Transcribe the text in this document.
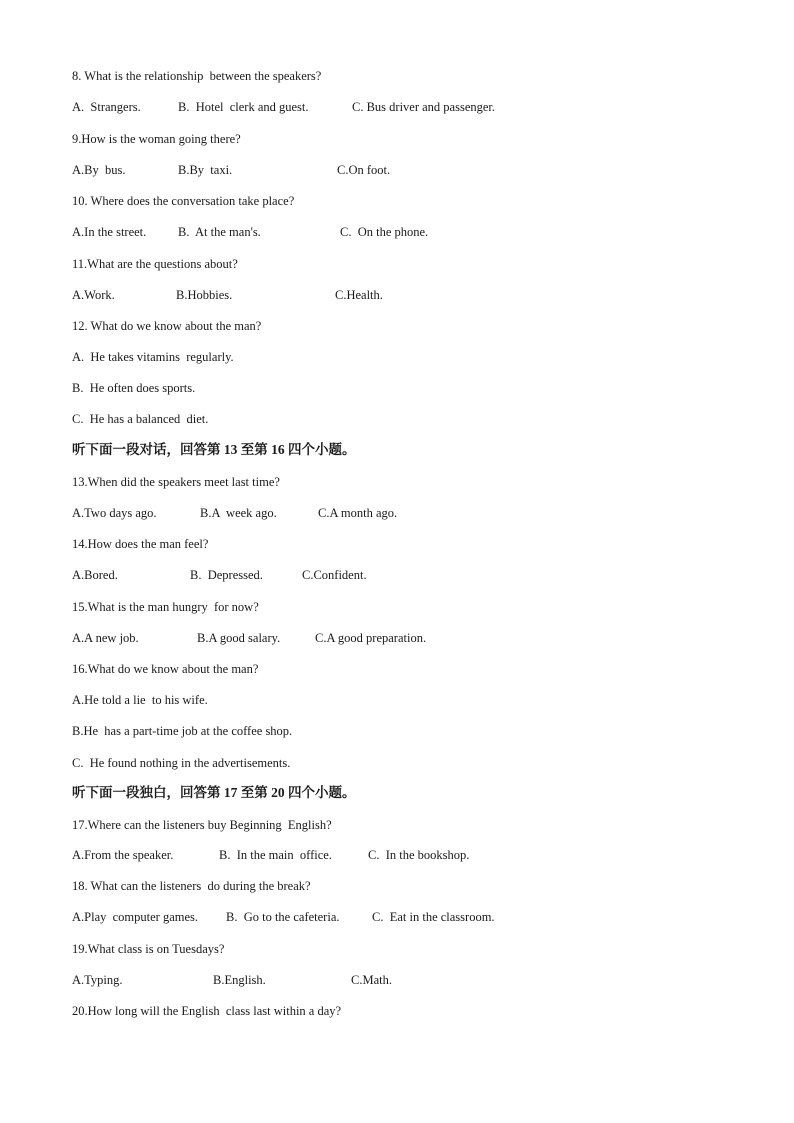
8. What is the relationship  between the speakers?
A.  Strangers.	B.  Hotel  clerk and guest.	C. Bus driver and passenger.
9.How is the woman going there?
A.By  bus.	B.By  taxi.	C.On foot.
10. Where does the conversation take place?
A.In the street.	B.  At the man's.	C.  On the phone.
11.What are the questions about?
A.Work.	B.Hobbies.	C.Health.
12. What do we know about the man?
A.  He takes vitamins  regularly.
B.  He often does sports.
C.  He has a balanced  diet.
听下面一段对话，回答第 13 至第 16 四个小题。
13.When did the speakers meet last time?
A.Two days ago.	B.A  week ago.	C.A month ago.
14.How does the man feel?
A.Bored.	B.  Depressed.	C.Confident.
15.What is the man hungry  for now?
A.A new job.	B.A good salary.	C.A good preparation.
16.What do we know about the man?
A.He told a lie  to his wife.
B.He  has a part-time job at the coffee shop.
C.  He found nothing in the advertisements.
听下面一段独白，回答第 17 至第 20 四个小题。
17.Where can the listeners buy Beginning  English?
A.From the speaker.	B.  In the main  office.	C.  In the bookshop.
18. What can the listeners  do during the break?
A.Play  computer games. B.  Go to the cafeteria.	C.  Eat in the classroom.
19.What class is on Tuesdays?
A.Typing.	B.English.	C.Math.
20.How long will the English  class last within a day?
